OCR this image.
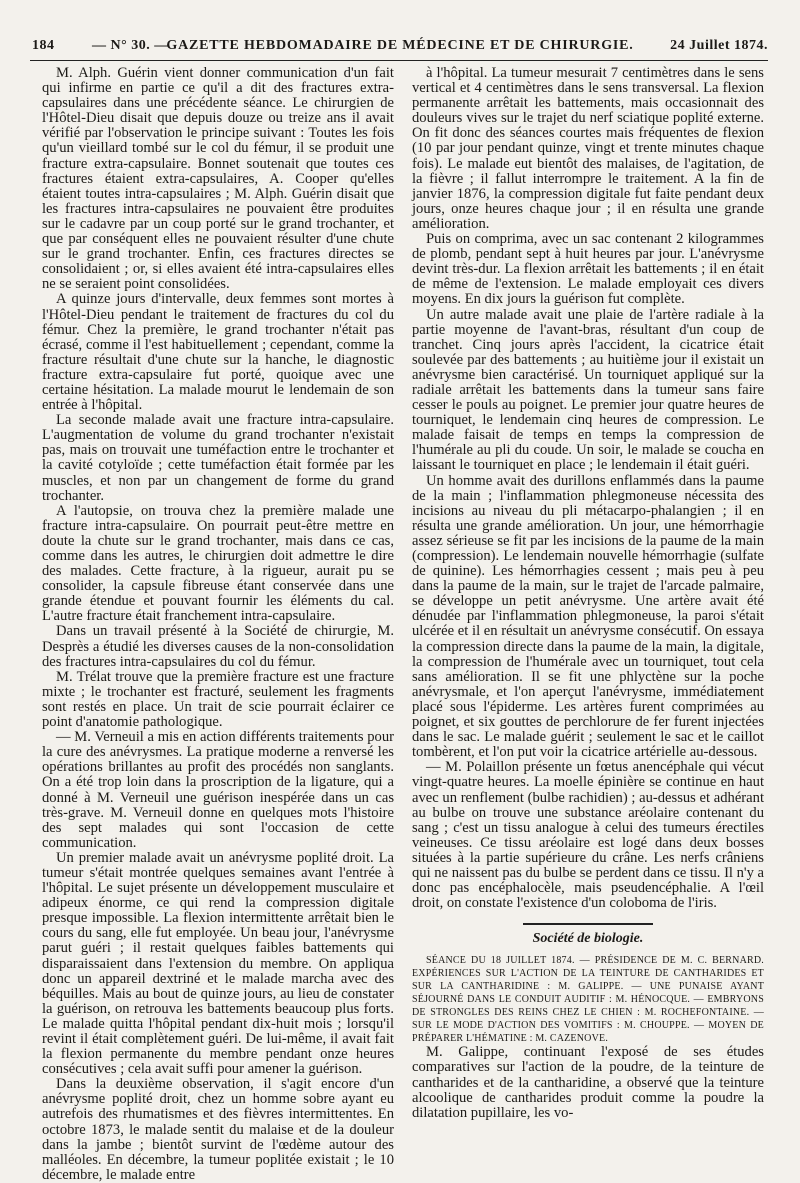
184	— N° 30. —
GAZETTE HEBDOMADAIRE DE MÉDECINE ET DE CHIRURGIE.	24 Juillet 1874.

M. Alph. Guérin vient donner communication d'un fait qui infirme en partie ce qu'il a dit des fractures extra-capsulaires dans une précédente séance. Le chirurgien de l'Hôtel-Dieu disait que depuis douze ou treize ans il avait vérifié par l'observation le principe suivant : Toutes les fois qu'un vieillard tombé sur le col du fémur, il se produit une fracture extra-capsulaire. Bonnet soutenait que toutes ces fractures étaient extra-capsulaires, A. Cooper qu'elles étaient toutes intra-capsulaires ; M. Alph. Guérin disait que les fractures intra-capsulaires ne pouvaient être produites sur le cadavre par un coup porté sur le grand trochanter, et que par conséquent elles ne pouvaient résulter d'une chute sur le grand trochanter. Enfin, ces fractures directes se consolidaient ; or, si elles avaient été intra-capsulaires elles ne se seraient point consolidées.

A quinze jours d'intervalle, deux femmes sont mortes à l'Hôtel-Dieu pendant le traitement de fractures du col du fémur. Chez la première, le grand trochanter n'était pas écrasé, comme il l'est habituellement ; cependant, comme la fracture résultait d'une chute sur la hanche, le diagnostic fracture extra-capsulaire fut porté, quoique avec une certaine hésitation. La malade mourut le lendemain de son entrée à l'hôpital.

La seconde malade avait une fracture intra-capsulaire. L'augmentation de volume du grand trochanter n'existait pas, mais on trouvait une tuméfaction entre le trochanter et la cavité cotyloïde ; cette tuméfaction était formée par les muscles, et non par un changement de forme du grand trochanter.

A l'autopsie, on trouva chez la première malade une fracture intra-capsulaire. On pourrait peut-être mettre en doute la chute sur le grand trochanter, mais dans ce cas, comme dans les autres, le chirurgien doit admettre le dire des malades. Cette fracture, à la rigueur, aurait pu se consolider, la capsule fibreuse étant conservée dans une grande étendue et pouvant fournir les éléments du cal. L'autre fracture était franchement intra-capsulaire.

Dans un travail présenté à la Société de chirurgie, M. Desprès a étudié les diverses causes de la non-consolidation des fractures intra-capsulaires du col du fémur.

M. Trélat trouve que la première fracture est une fracture mixte ; le trochanter est fracturé, seulement les fragments sont restés en place. Un trait de scie pourrait éclairer ce point d'anatomie pathologique.

— M. Verneuil a mis en action différents traitements pour la cure des anévrysmes. La pratique moderne a renversé les opérations brillantes au profit des procédés non sanglants. On a été trop loin dans la proscription de la ligature, qui a donné à M. Verneuil une guérison inespérée dans un cas très-grave. M. Verneuil donne en quelques mots l'histoire des sept malades qui sont l'occasion de cette communication.

Un premier malade avait un anévrysme poplité droit. La tumeur s'était montrée quelques semaines avant l'entrée à l'hôpital. Le sujet présente un développement musculaire et adipeux énorme, ce qui rend la compression digitale presque impossible. La flexion intermittente arrêtait bien le cours du sang, elle fut employée. Un beau jour, l'anévrysme parut guéri ; il restait quelques faibles battements qui disparaissaient dans l'extension du membre. On appliqua donc un appareil dextriné et le malade marcha avec des béquilles. Mais au bout de quinze jours, au lieu de constater la guérison, on retrouva les battements beaucoup plus forts. Le malade quitta l'hôpital pendant dix-huit mois ; lorsqu'il revint il était complètement guéri. De lui-même, il avait fait la flexion permanente du membre pendant onze heures consécutives ; cela avait suffi pour amener la guérison.

Dans la deuxième observation, il s'agit encore d'un anévrysme poplité droit, chez un homme sobre ayant eu autrefois des rhumatismes et des fièvres intermittentes. En octobre 1873, le malade sentit du malaise et de la douleur dans la jambe ; bientôt survint de l'œdème autour des malléoles. En décembre, la tumeur poplitée existait ; le 10 décembre, le malade entre

à l'hôpital. La tumeur mesurait 7 centimètres dans le sens vertical et 4 centimètres dans le sens transversal. La flexion permanente arrêtait les battements, mais occasionnait des douleurs vives sur le trajet du nerf sciatique poplité externe. On fit donc des séances courtes mais fréquentes de flexion (10 par jour pendant quinze, vingt et trente minutes chaque fois). Le malade eut bientôt des malaises, de l'agitation, de la fièvre ; il fallut interrompre le traitement. A la fin de janvier 1876, la compression digitale fut faite pendant deux jours, onze heures chaque jour ; il en résulta une grande amélioration.

Puis on comprima, avec un sac contenant 2 kilogrammes de plomb, pendant sept à huit heures par jour. L'anévrysme devint très-dur. La flexion arrêtait les battements ; il en était de même de l'extension. Le malade employait ces divers moyens. En dix jours la guérison fut complète.

Un autre malade avait une plaie de l'artère radiale à la partie moyenne de l'avant-bras, résultant d'un coup de tranchet. Cinq jours après l'accident, la cicatrice était soulevée par des battements ; au huitième jour il existait un anévrysme bien caractérisé. Un tourniquet appliqué sur la radiale arrêtait les battements dans la tumeur sans faire cesser le pouls au poignet. Le premier jour quatre heures de tourniquet, le lendemain cinq heures de compression. Le malade faisait de temps en temps la compression de l'humérale au pli du coude. Un soir, le malade se coucha en laissant le tourniquet en place ; le lendemain il était guéri.

Un homme avait des durillons enflammés dans la paume de la main ; l'inflammation phlegmoneuse nécessita des incisions au niveau du pli métacarpo-phalangien ; il en résulta une grande amélioration. Un jour, une hémorrhagie assez sérieuse se fit par les incisions de la paume de la main (compression). Le lendemain nouvelle hémorrhagie (sulfate de quinine). Les hémorrhagies cessent ; mais peu à peu dans la paume de la main, sur le trajet de l'arcade palmaire, se développe un petit anévrysme. Une artère avait été dénudée par l'inflammation phlegmoneuse, la paroi s'était ulcérée et il en résultait un anévrysme consécutif. On essaya la compression directe dans la paume de la main, la digitale, la compression de l'humérale avec un tourniquet, tout cela sans amélioration. Il se fit une phlyctène sur la poche anévrysmale, et l'on aperçut l'anévrysme, immédiatement placé sous l'épiderme. Les artères furent comprimées au poignet, et six gouttes de perchlorure de fer furent injectées dans le sac. Le malade guérit ; seulement le sac et le caillot tombèrent, et l'on put voir la cicatrice artérielle au-dessous.

— M. Polaillon présente un fœtus anencéphale qui vécut vingt-quatre heures. La moelle épinière se continue en haut avec un renflement (bulbe rachidien) ; au-dessus et adhérant au bulbe on trouve une substance aréolaire contenant du sang ; c'est un tissu analogue à celui des tumeurs érectiles veineuses. Ce tissu aréolaire est logé dans deux bosses situées à la partie supérieure du crâne. Les nerfs crâniens qui ne naissent pas du bulbe se perdent dans ce tissu. Il n'y a donc pas encéphalocèle, mais pseudencéphalie. A l'œil droit, on constate l'existence d'un coloboma de l'iris.

Société de biologie.

SÉANCE DU 18 JUILLET 1874. — PRÉSIDENCE DE M. C. BERNARD. EXPÉRIENCES SUR L'ACTION DE LA TEINTURE DE CANTHARIDES ET SUR LA CANTHARIDINE : M. GALIPPE. — UNE PUNAISE AYANT SÉJOURNÉ DANS LE CONDUIT AUDITIF : M. HÉNOCQUE. — EMBRYONS DE STRONGLES DES REINS CHEZ LE CHIEN : M. ROCHEFONTAINE. — SUR LE MODE D'ACTION DES VOMITIFS : M. CHOUPPE. — MOYEN DE PRÉPARER L'HÉMATINE : M. CAZENOVE.

M. Galippe, continuant l'exposé de ses études comparatives sur l'action de la poudre, de la teinture de cantharides et de la cantharidine, a observé que la teinture alcoolique de cantharides produit comme la poudre la dilatation pupillaire, les vo-
